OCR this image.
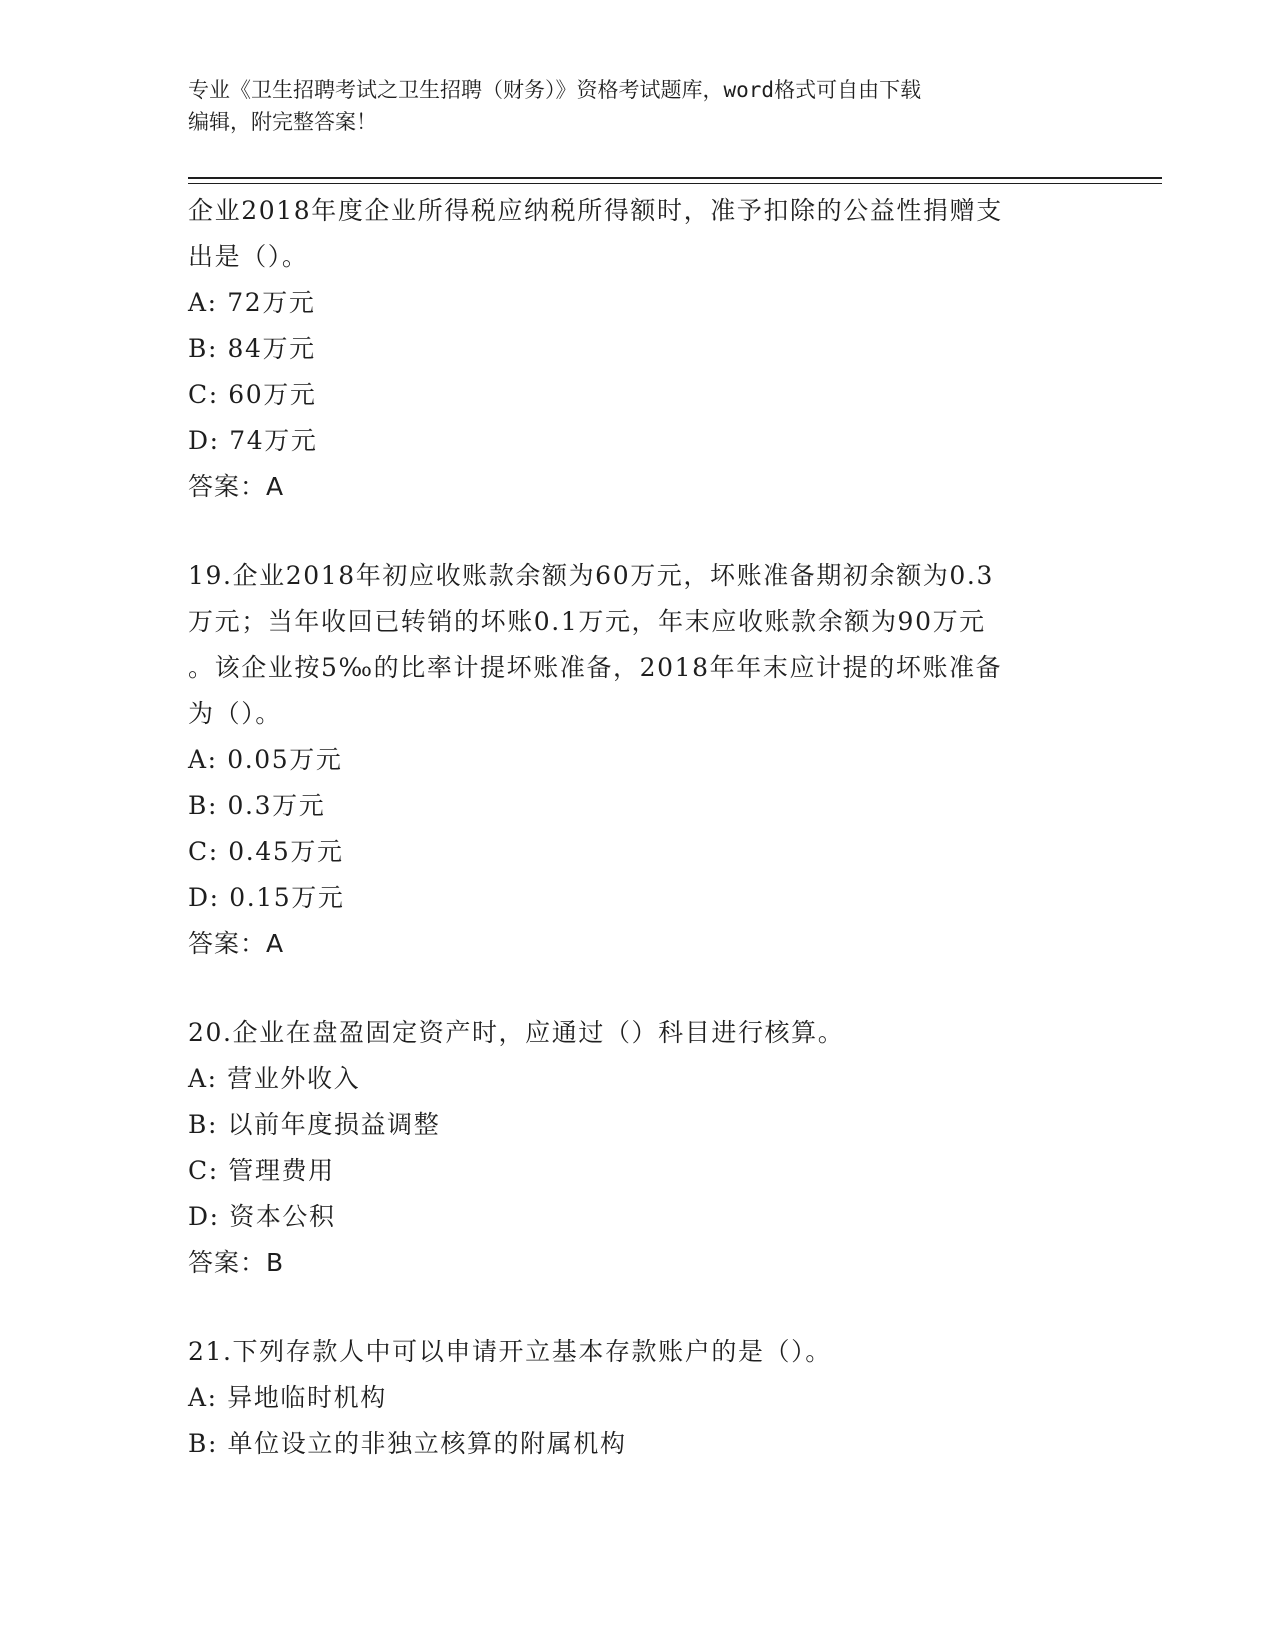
专业《卫生招聘考试之卫生招聘（财务）》资格考试题库，word格式可自由下载
编辑，附完整答案！
企业2018年度企业所得税应纳税所得额时，准予扣除的公益性捐赠支
出是（）。
A: 72万元
B: 84万元
C: 60万元
D: 74万元
答案：A
19.企业2018年初应收账款余额为60万元，坏账准备期初余额为0.3
万元；当年收回已转销的坏账0.1万元，年末应收账款余额为90万元
。该企业按5‰的比率计提坏账准备，2018年年末应计提的坏账准备
为（）。
A: 0.05万元
B: 0.3万元
C: 0.45万元
D: 0.15万元
答案：A
20.企业在盘盈固定资产时，应通过（）科目进行核算。
A: 营业外收入
B: 以前年度损益调整
C: 管理费用
D: 资本公积
答案：B
21.下列存款人中可以申请开立基本存款账户的是（）。
A: 异地临时机构
B: 单位设立的非独立核算的附属机构
